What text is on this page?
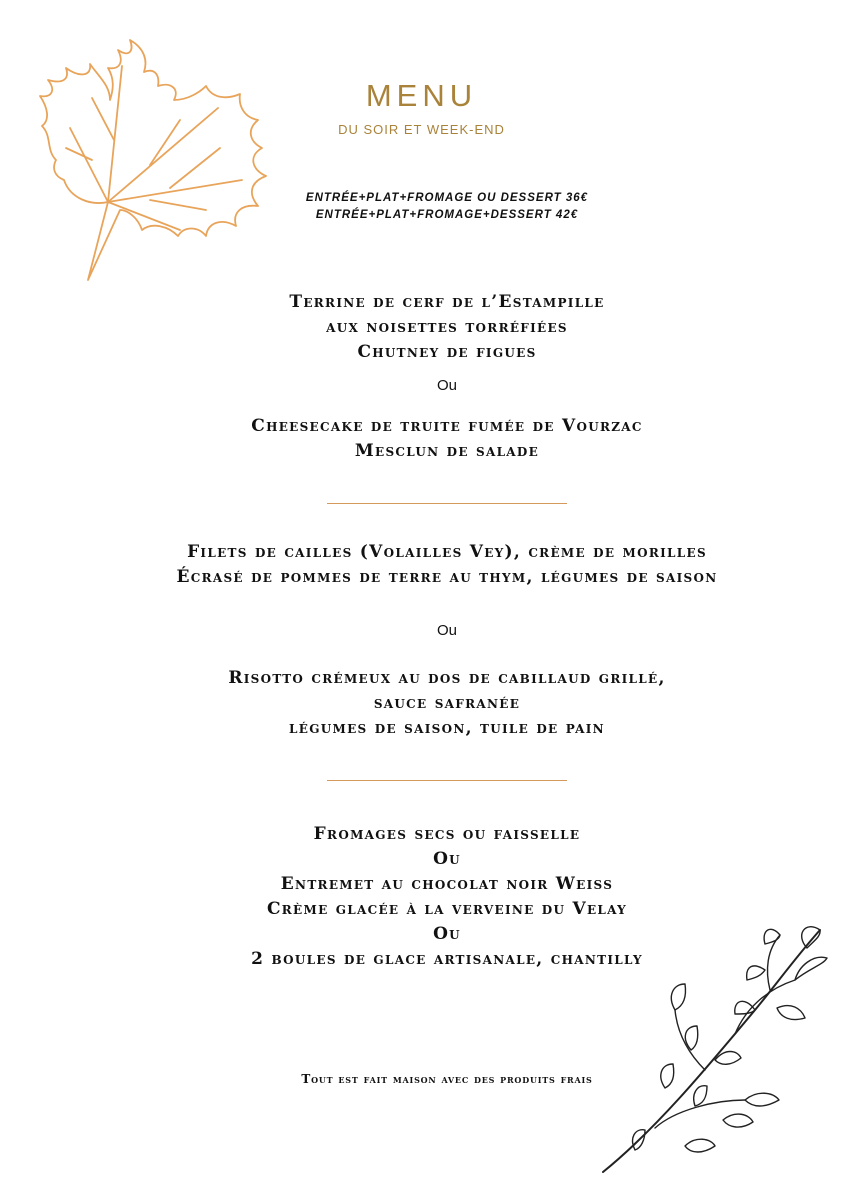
MENU
DU SOIR ET WEEK-END
ENTRÉE+PLAT+FROMAGE OU DESSERT 36€
ENTRÉE+PLAT+FROMAGE+DESSERT 42€
Terrine de cerf de l’Estampille
aux noisettes torréfiées
Chutney de figues
Ou
Cheesecake de truite fumée de Vourzac
Mesclun de salade
Filets de cailles (Volailles Vey), crème de morilles
Écrasé de pommes de terre au thym, légumes de saison
Ou
Risotto crémeux au dos de cabillaud grillé,
sauce safranée
légumes de saison, tuile de pain
Fromages secs ou faisselle
Ou
Entremet au chocolat noir Weiss
Crème glacée à la verveine du Velay
Ou
2 boules de glace artisanale, chantilly
Tout est fait maison avec des produits frais
